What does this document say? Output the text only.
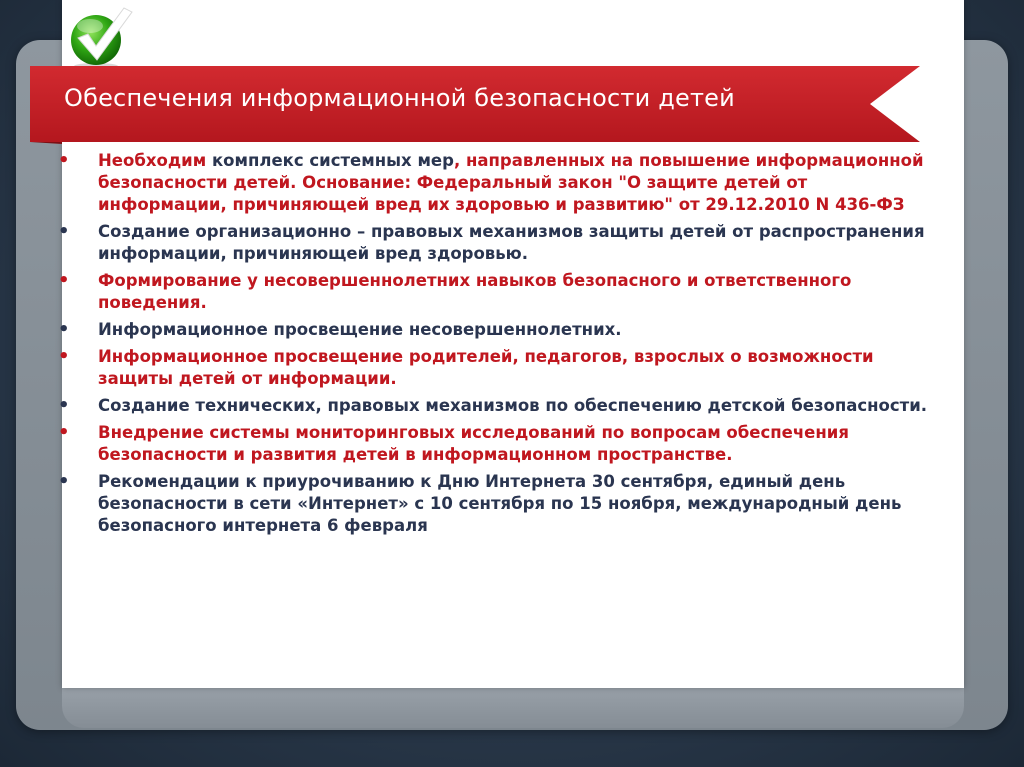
Обеспечения информационной безопасности детей
• Необходим комплекс системных мер, направленных на повышение информационной безопасности детей. Основание: Федеральный закон "О защите детей от информации, причиняющей вред их здоровью и развитию" от 29.12.2010 N 436-ФЗ
• Создание организационно – правовых механизмов защиты детей от распространения информации, причиняющей вред здоровью.
• Формирование у несовершеннолетних навыков безопасного и ответственного поведения.
• Информационное просвещение несовершеннолетних.
• Информационное просвещение родителей, педагогов, взрослых о возможности защиты детей от информации.
• Создание технических, правовых механизмов по обеспечению детской безопасности.
• Внедрение системы мониторинговых исследований по вопросам обеспечения безопасности и развития детей в информационном пространстве.
• Рекомендации к приурочиванию к Дню Интернета 30 сентября, единый день безопасности в сети «Интернет» с 10 сентября по 15 ноября, международный день безопасного интернета 6 февраля
